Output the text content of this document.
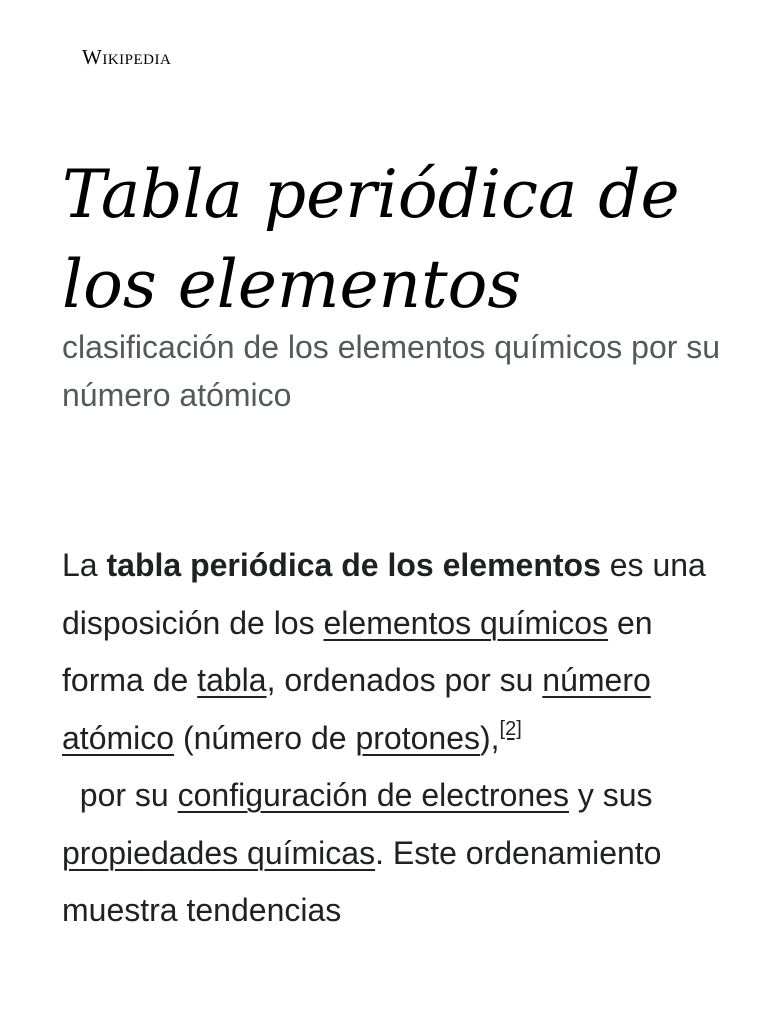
Wikipedia
Tabla periódica de los elementos
clasificación de los elementos químicos por su número atómico

La tabla periódica de los elementos es una disposición de los elementos químicos en forma de tabla, ordenados por su número atómico (número de protones),[2]  por su configuración de electrones y sus propiedades químicas. Este ordenamiento muestra tendencias
